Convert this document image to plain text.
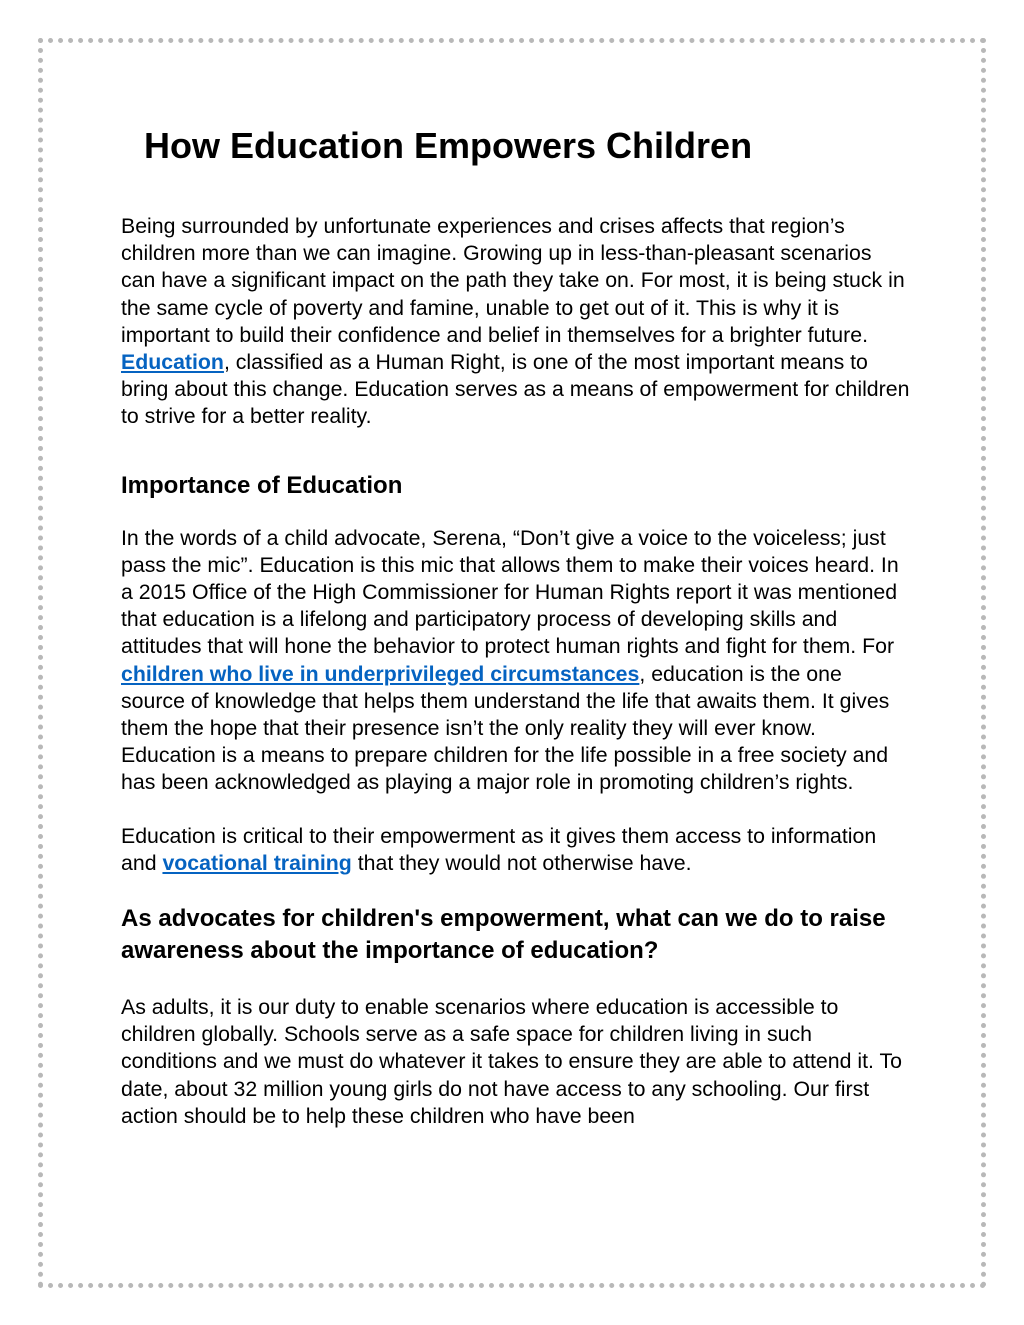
How Education Empowers Children

Being surrounded by unfortunate experiences and crises affects that region’s children more than we can imagine. Growing up in less-than-pleasant scenarios can have a significant impact on the path they take on. For most, it is being stuck in the same cycle of poverty and famine, unable to get out of it. This is why it is important to build their confidence and belief in themselves for a brighter future. Education, classified as a Human Right, is one of the most important means to bring about this change. Education serves as a means of empowerment for children to strive for a better reality.

Importance of Education

In the words of a child advocate, Serena, “Don’t give a voice to the voiceless; just pass the mic”. Education is this mic that allows them to make their voices heard. In a 2015 Office of the High Commissioner for Human Rights report it was mentioned that education is a lifelong and participatory process of developing skills and attitudes that will hone the behavior to protect human rights and fight for them. For children who live in underprivileged circumstances, education is the one source of knowledge that helps them understand the life that awaits them. It gives them the hope that their presence isn’t the only reality they will ever know. Education is a means to prepare children for the life possible in a free society and has been acknowledged as playing a major role in promoting children’s rights.

Education is critical to their empowerment as it gives them access to information and vocational training that they would not otherwise have.

As advocates for children's empowerment, what can we do to raise awareness about the importance of education?

As adults, it is our duty to enable scenarios where education is accessible to children globally. Schools serve as a safe space for children living in such conditions and we must do whatever it takes to ensure they are able to attend it. To date, about 32 million young girls do not have access to any schooling. Our first action should be to help these children who have been
